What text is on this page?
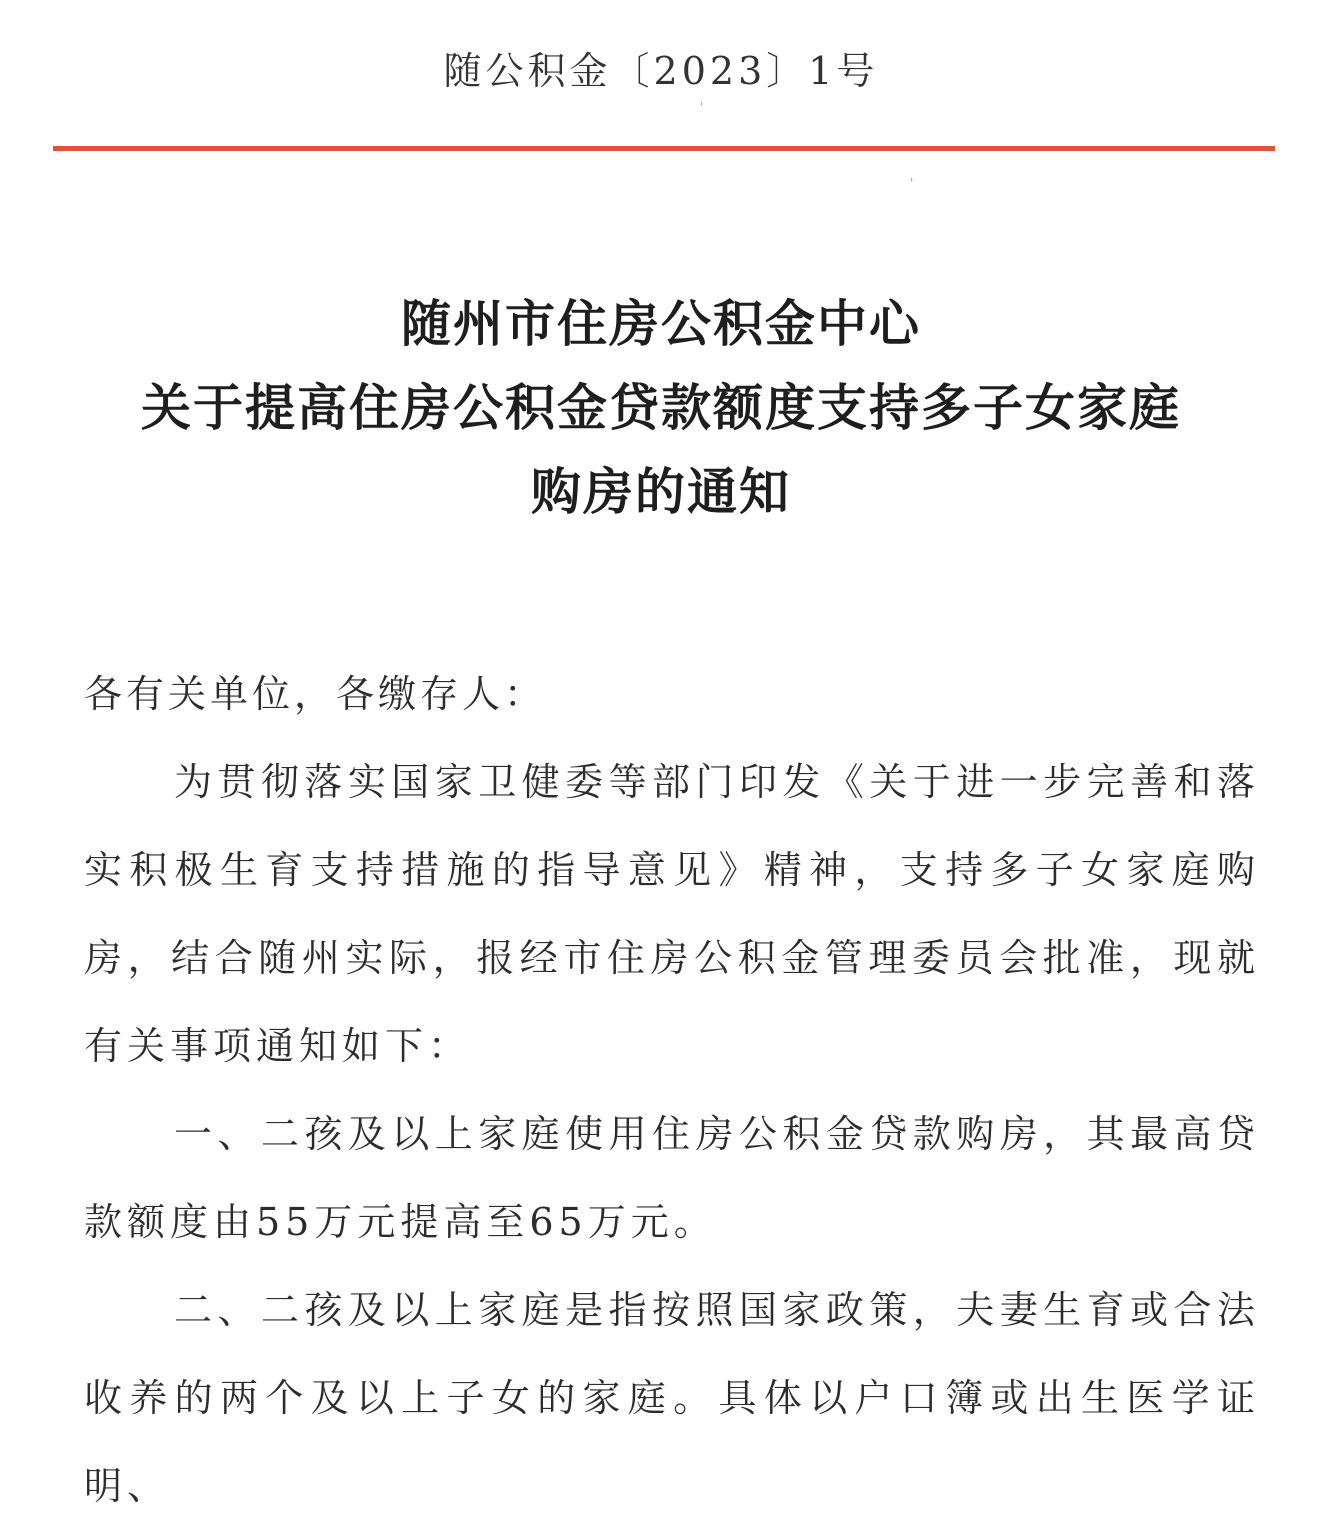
随公积金〔2023〕1号
'
'
随州市住房公积金中心
关于提高住房公积金贷款额度支持多子女家庭
购房的通知
各有关单位，各缴存人：

为贯彻落实国家卫健委等部门印发《关于进一步完善和落实积极生育支持措施的指导意见》精神，支持多子女家庭购房，结合随州实际，报经市住房公积金管理委员会批准，现就有关事项通知如下：

一、二孩及以上家庭使用住房公积金贷款购房，其最高贷款额度由55万元提高至65万元。

二、二孩及以上家庭是指按照国家政策，夫妻生育或合法收养的两个及以上子女的家庭。具体以户口簿或出生医学证明、
